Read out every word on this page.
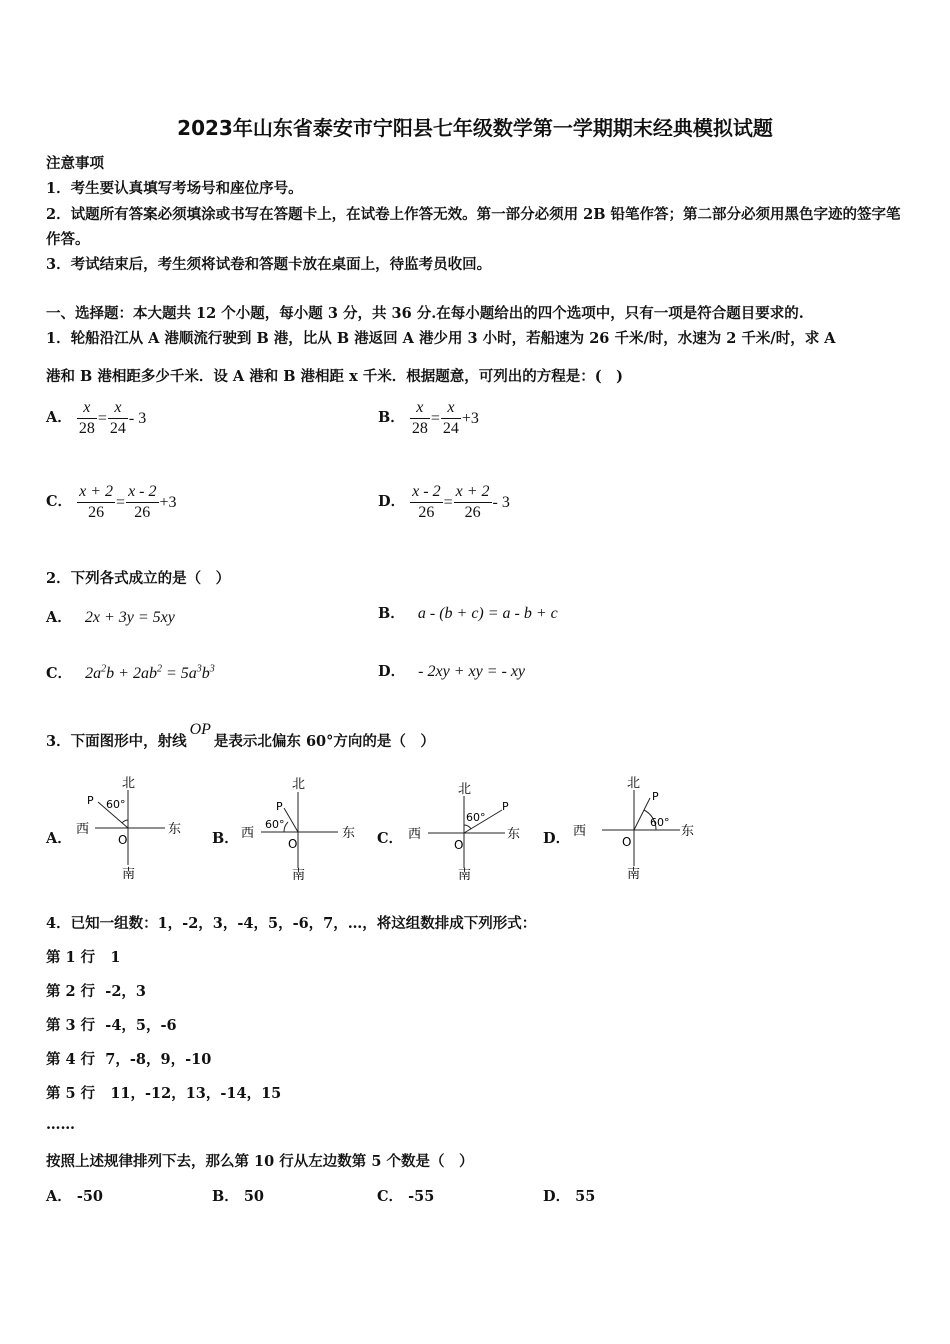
2023年山东省泰安市宁阳县七年级数学第一学期期末经典模拟试题
注意事项
1．考生要认真填写考场号和座位序号。
2．试题所有答案必须填涂或书写在答题卡上，在试卷上作答无效。第一部分必须用 2B 铅笔作答；第二部分必须用黑色字迹的签字笔作答。
3．考试结束后，考生须将试卷和答题卡放在桌面上，待监考员收回。
一、选择题：本大题共 12 个小题，每小题 3 分，共 36 分.在每小题给出的四个选项中，只有一项是符合题目要求的.
1．轮船沿江从 A 港顺流行驶到 B 港，比从 B 港返回 A 港少用 3 小时，若船速为 26 千米/时，水速为 2 千米/时，求 A
港和 B 港相距多少千米．设 A 港和 B 港相距 x 千米．根据题意，可列出的方程是：(　)
A． $\frac{x}{28} = \frac{x}{24} - 3$	B． $\frac{x}{28} = \frac{x}{24} +3$
C． $\frac{x + 2}{26} = \frac{x - 2}{26} +3$	D． $\frac{x - 2}{26} = \frac{x + 2}{26} - 3$
2．下列各式成立的是（　）
A． 2x + 3y = 5xy	B． a - (b + c) = a - b + c
C． $2a^2b + 2ab^2 = 5a^3b^3$	D． - 2xy + xy = - xy
3．下面图形中，射线OP是表示北偏东 60°方向的是（　）
A．	B．	C．	D．
北
南
西	东
O
P 60°
北
南
西	东
O
P
60°
北
南
西	东
O
P
60°
北
南
西	东
O
P
60°
4．已知一组数：1，-2，3，-4，5，-6，7，…，将这组数排成下列形式：
第 1 行 1
第 2 行 -2，3
第 3 行 -4，5，-6
第 4 行 7，-8，9，-10
第 5 行 11，-12，13，-14，15
……
按照上述规律排列下去，那么第 10 行从左边数第 5 个数是（　）
A． -50	B． 50	C． -55	D． 55
